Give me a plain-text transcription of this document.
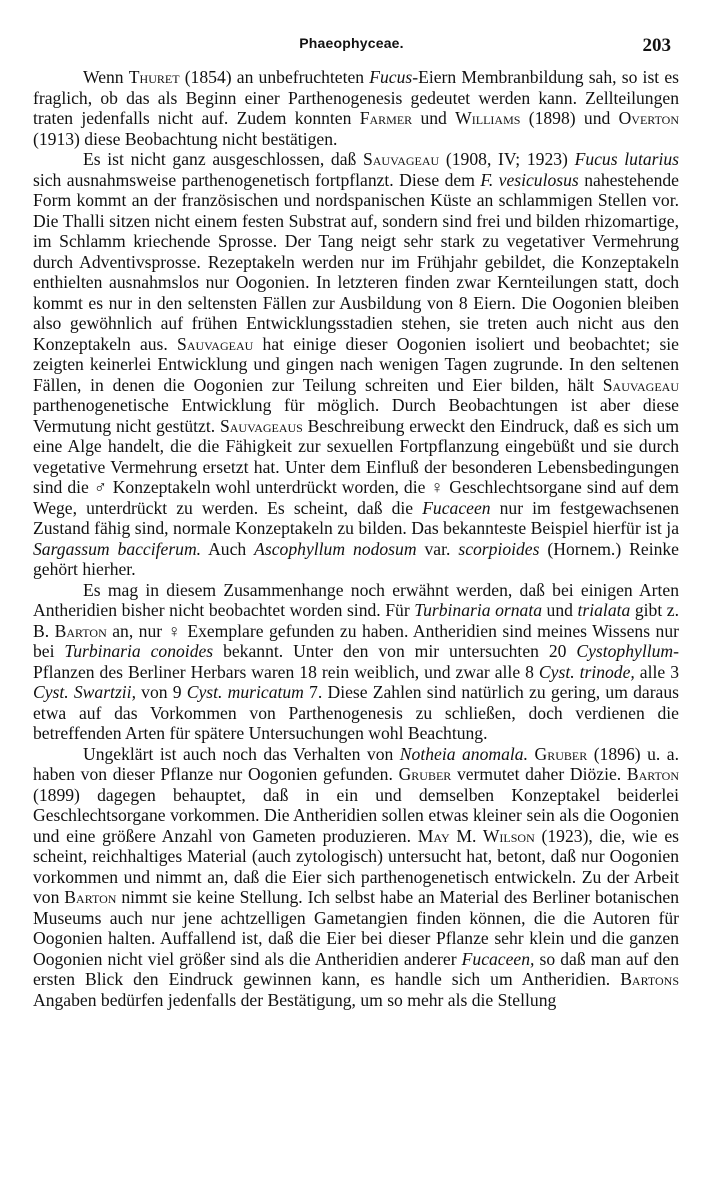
Phaeophyceae.	203

Wenn Thuret (1854) an unbefruchteten Fucus-Eiern Membranbildung sah, so ist es fraglich, ob das als Beginn einer Parthenogenesis gedeutet werden kann. Zellteilungen traten jedenfalls nicht auf. Zudem konnten Farmer und Williams (1898) und Overton (1913) diese Beobachtung nicht bestätigen.

Es ist nicht ganz ausgeschlossen, daß Sauvageau (1908, IV; 1923) Fucus lutarius sich ausnahmsweise parthenogenetisch fortpflanzt. Diese dem F. vesiculosus nahestehende Form kommt an der französischen und nordspanischen Küste an schlammigen Stellen vor. Die Thalli sitzen nicht einem festen Substrat auf, sondern sind frei und bilden rhizomartige, im Schlamm kriechende Sprosse. Der Tang neigt sehr stark zu vegetativer Vermehrung durch Adventivsprosse. Rezeptakeln werden nur im Frühjahr gebildet, die Konzeptakeln enthielten ausnahmslos nur Oogonien. In letzteren finden zwar Kernteilungen statt, doch kommt es nur in den seltensten Fällen zur Ausbildung von 8 Eiern. Die Oogonien bleiben also gewöhnlich auf frühen Entwicklungsstadien stehen, sie treten auch nicht aus den Konzeptakeln aus. Sauvageau hat einige dieser Oogonien isoliert und beobachtet; sie zeigten keinerlei Entwicklung und gingen nach wenigen Tagen zugrunde. In den seltenen Fällen, in denen die Oogonien zur Teilung schreiten und Eier bilden, hält Sauvageau parthenogenetische Entwicklung für möglich. Durch Beobachtungen ist aber diese Vermutung nicht gestützt. Sauvageaus Beschreibung erweckt den Eindruck, daß es sich um eine Alge handelt, die die Fähigkeit zur sexuellen Fortpflanzung eingebüßt und sie durch vegetative Vermehrung ersetzt hat. Unter dem Einfluß der besonderen Lebensbedingungen sind die ♂ Konzeptakeln wohl unterdrückt worden, die ♀ Geschlechtsorgane sind auf dem Wege, unterdrückt zu werden. Es scheint, daß die Fucaceen nur im festgewachsenen Zustand fähig sind, normale Konzeptakeln zu bilden. Das bekannteste Beispiel hierfür ist ja Sargassum bacciferum. Auch Ascophyllum nodosum var. scorpioides (Hornem.) Reinke gehört hierher.

Es mag in diesem Zusammenhange noch erwähnt werden, daß bei einigen Arten Antheridien bisher nicht beobachtet worden sind. Für Turbinaria ornata und trialata gibt z. B. Barton an, nur ♀ Exemplare gefunden zu haben. Antheridien sind meines Wissens nur bei Turbinaria conoides bekannt. Unter den von mir untersuchten 20 Cystophyllum-Pflanzen des Berliner Herbars waren 18 rein weiblich, und zwar alle 8 Cyst. trinode, alle 3 Cyst. Swartzii, von 9 Cyst. muricatum 7. Diese Zahlen sind natürlich zu gering, um daraus etwa auf das Vorkommen von Parthenogenesis zu schließen, doch verdienen die betreffenden Arten für spätere Untersuchungen wohl Beachtung.

Ungeklärt ist auch noch das Verhalten von Notheia anomala. Gruber (1896) u. a. haben von dieser Pflanze nur Oogonien gefunden. Gruber vermutet daher Diözie. Barton (1899) dagegen behauptet, daß in ein und demselben Konzeptakel beiderlei Geschlechtsorgane vorkommen. Die Antheridien sollen etwas kleiner sein als die Oogonien und eine größere Anzahl von Gameten produzieren. May M. Wilson (1923), die, wie es scheint, reichhaltiges Material (auch zytologisch) untersucht hat, betont, daß nur Oogonien vorkommen und nimmt an, daß die Eier sich parthenogenetisch entwickeln. Zu der Arbeit von Barton nimmt sie keine Stellung. Ich selbst habe an Material des Berliner botanischen Museums auch nur jene achtzelligen Gametangien finden können, die die Autoren für Oogonien halten. Auffallend ist, daß die Eier bei dieser Pflanze sehr klein und die ganzen Oogonien nicht viel größer sind als die Antheridien anderer Fucaceen, so daß man auf den ersten Blick den Eindruck gewinnen kann, es handle sich um Antheridien. Bartons Angaben bedürfen jedenfalls der Bestätigung, um so mehr als die Stellung
